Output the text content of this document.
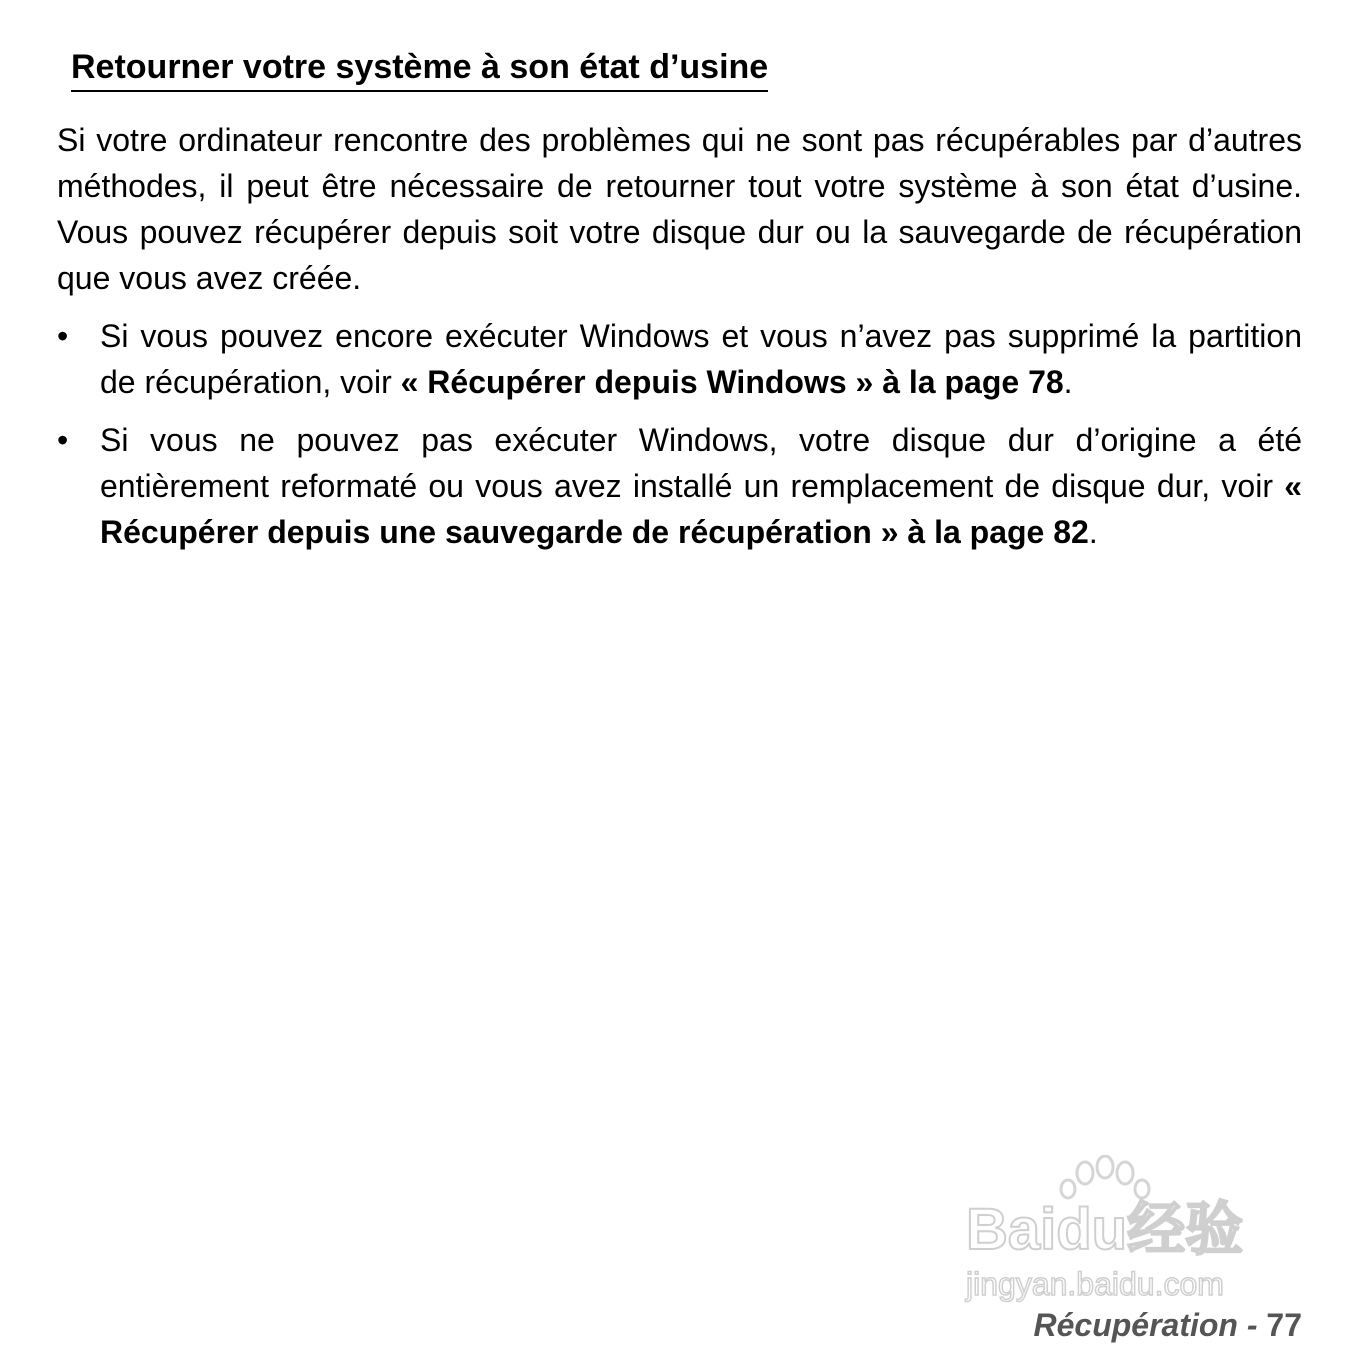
Retourner votre système à son état d’usine

Si votre ordinateur rencontre des problèmes qui ne sont pas récupérables par d’autres méthodes, il peut être nécessaire de retourner tout votre système à son état d’usine. Vous pouvez récupérer depuis soit votre disque dur ou la sauvegarde de récupération que vous avez créée.

• Si vous pouvez encore exécuter Windows et vous n’avez pas supprimé la partition de récupération, voir « Récupérer depuis Windows » à la page 78.
• Si vous ne pouvez pas exécuter Windows, votre disque dur d’origine a été entièrement reformaté ou vous avez installé un remplacement de disque dur, voir « Récupérer depuis une sauvegarde de récupération » à la page 82.
Baidu经验
jingyan.baidu.com
Récupération - 77
